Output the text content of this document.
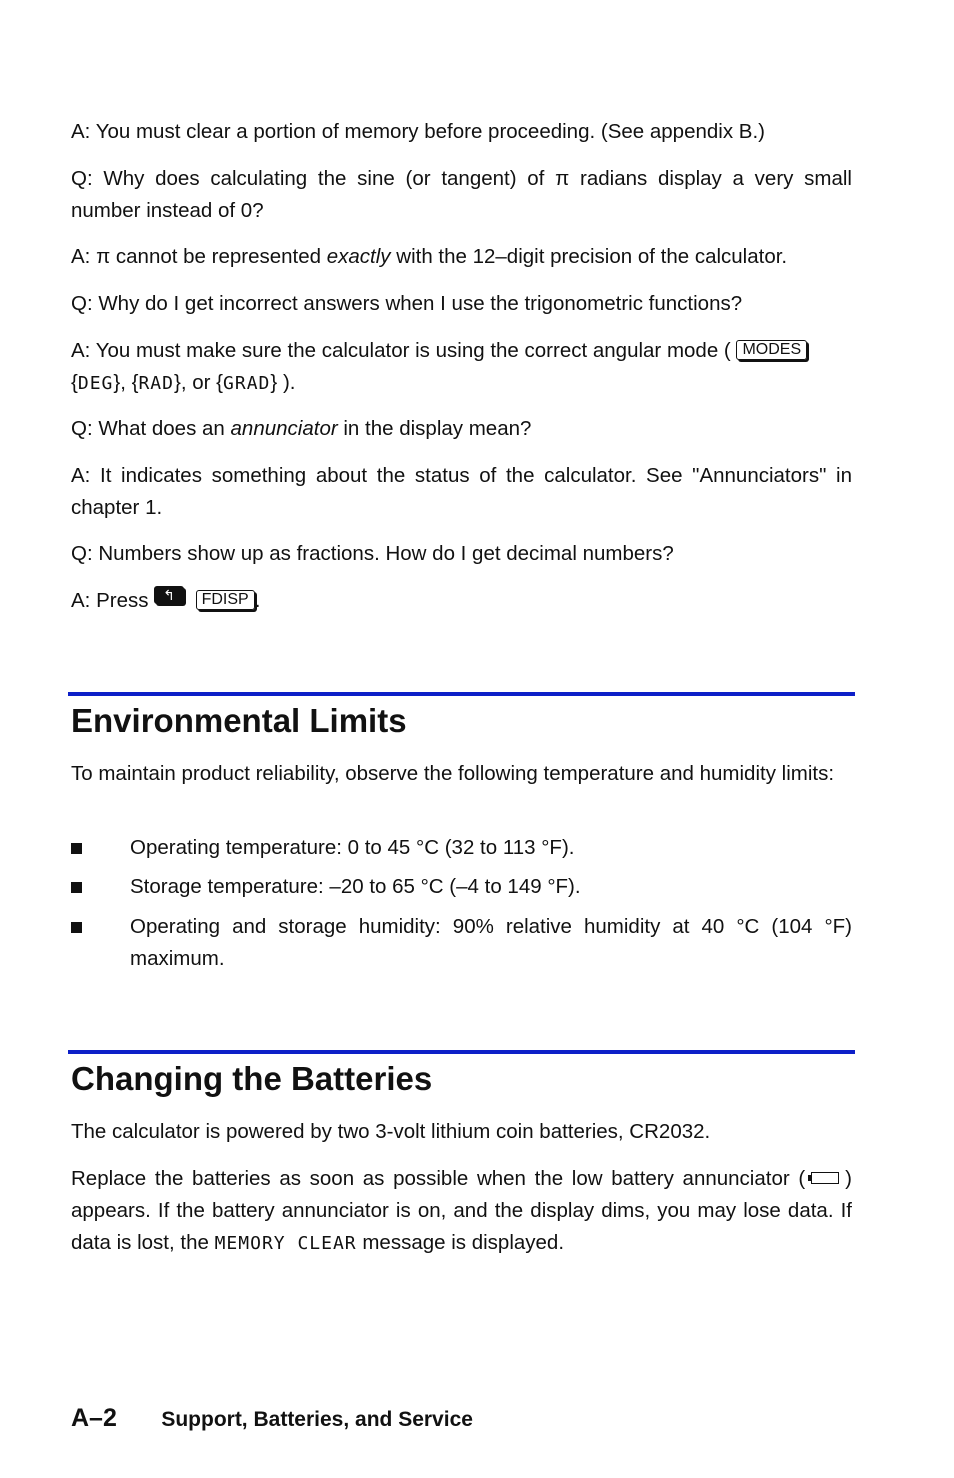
A: You must clear a portion of memory before proceeding. (See appendix B.)
Q: Why does calculating the sine (or tangent) of π radians display a very small number instead of 0?
A: π cannot be represented exactly with the 12–digit precision of the calculator.
Q: Why do I get incorrect answers when I use the trigonometric functions?
A: You must make sure the calculator is using the correct angular mode ( MODES
{DEG}, {RAD}, or {GRAD} ).
Q: What does an annunciator in the display mean?
A: It indicates something about the status of the calculator. See "Annunciators" in chapter 1.
Q: Numbers show up as fractions. How do I get decimal numbers?
A: Press ↰ FDISP .
Environmental Limits
To maintain product reliability, observe the following temperature and humidity limits:
Operating temperature: 0 to 45 °C (32 to 113 °F).
Storage temperature: –20 to 65 °C (–4 to 149 °F).
Operating and storage humidity: 90% relative humidity at 40 °C (104 °F) maximum.
Changing the Batteries
The calculator is powered by two 3-volt lithium coin batteries, CR2032.
Replace the batteries as soon as possible when the low battery annunciator ( ) appears. If the battery annunciator is on, and the display dims, you may lose data. If data is lost, the MEMORY CLEAR message is displayed.
A–2 Support, Batteries, and Service
